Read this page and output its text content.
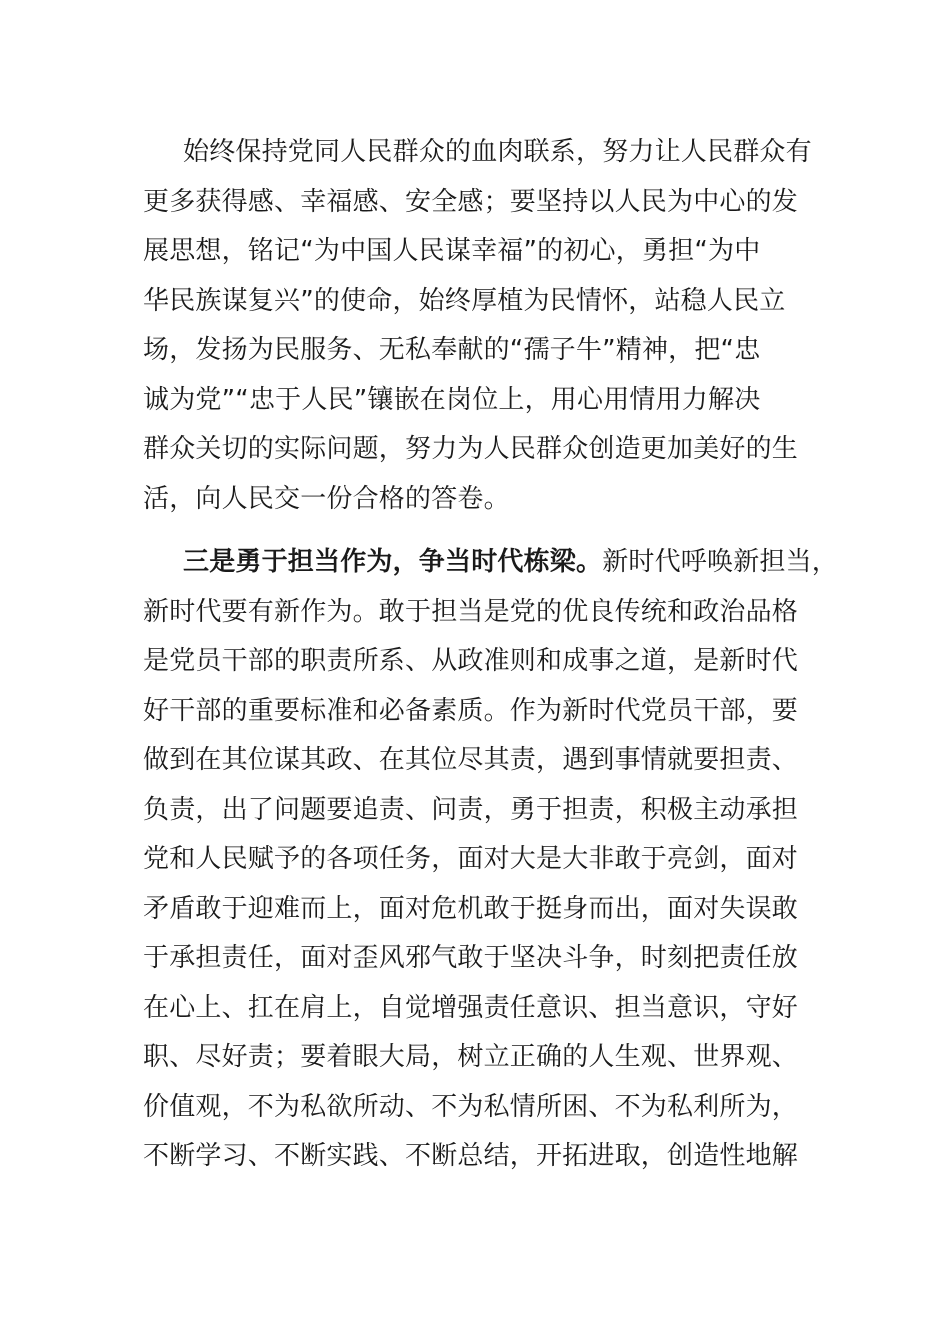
始终保持党同人民群众的血肉联系，努力让人民群众有
更多获得感、幸福感、安全感；要坚持以人民为中心的发
展思想，铭记“为中国人民谋幸福”的初心，勇担“为中
华民族谋复兴”的使命，始终厚植为民情怀，站稳人民立
场，发扬为民服务、无私奉献的“孺子牛”精神，把“忠
诚为党”“忠于人民”镶嵌在岗位上，用心用情用力解决
群众关切的实际问题，努力为人民群众创造更加美好的生
活，向人民交一份合格的答卷。
三是勇于担当作为，争当时代栋梁。新时代呼唤新担当，
新时代要有新作为。敢于担当是党的优良传统和政治品格
是党员干部的职责所系、从政准则和成事之道，是新时代
好干部的重要标准和必备素质。作为新时代党员干部，要
做到在其位谋其政、在其位尽其责，遇到事情就要担责、
负责，出了问题要追责、问责，勇于担责，积极主动承担
党和人民赋予的各项任务，面对大是大非敢于亮剑，面对
矛盾敢于迎难而上，面对危机敢于挺身而出，面对失误敢
于承担责任，面对歪风邪气敢于坚决斗争，时刻把责任放
在心上、扛在肩上，自觉增强责任意识、担当意识，守好
职、尽好责；要着眼大局，树立正确的人生观、世界观、
价值观，不为私欲所动、不为私情所困、不为私利所为，
不断学习、不断实践、不断总结，开拓进取，创造性地解
